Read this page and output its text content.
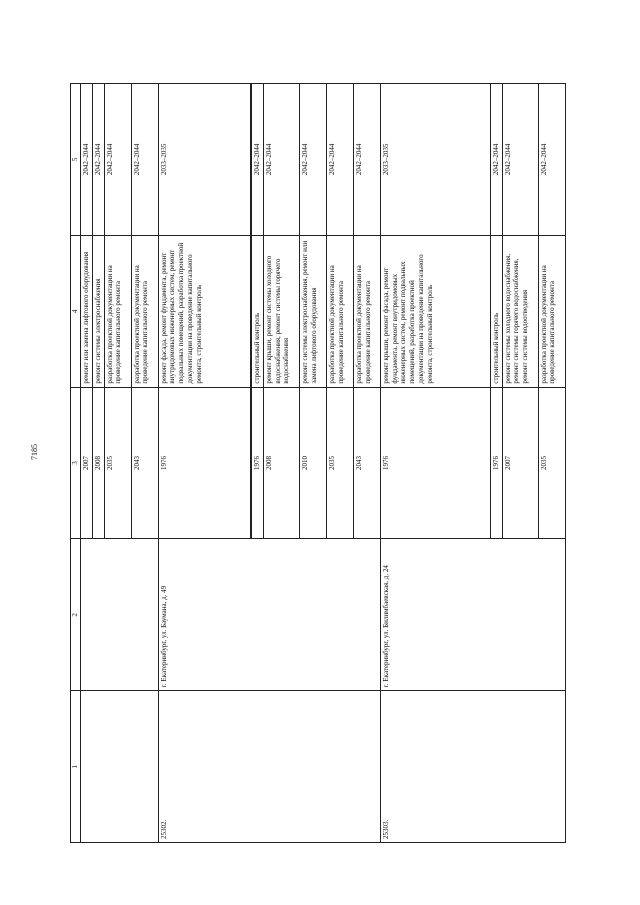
7185
1	2	3	4	5
		2007	ремонт или замена лифтового оборудования	2042–2044
		2008	ремонт системы электроснабжения	2042–2044
		2035	разработка проектной документации на проведение капитального ремонта	2042–2044
		2043	разработка проектной документации на проведение капитального ремонта	2042–2044
25302.	г. Екатеринбург, ул. Баумана, д. 49	1976	ремонт фасада, ремонт фундамента, ремонт внутридомовых инженерных систем, ремонт подвальных помещений, разработка проектной документации на проведение капитального ремонта, строительный контроль	2033–2035
		1976	строительный контроль	2042–2044
		2008	ремонт крыши, ремонт системы холодного водоснабжения, ремонт системы горячего водоснабжения	2042–2044
		2010	ремонт системы электроснабжения, ремонт или замена лифтового оборудования	2042–2044
		2035	разработка проектной документации на проведение капитального ремонта	2042–2044
		2043	разработка проектной документации на проведение капитального ремонта	2042–2044
25303.	г. Екатеринбург, ул. Билимбаевская, д. 24	1976	ремонт крыши, ремонт фасада, ремонт фундамента, ремонт внутридомовых инженерных систем, ремонт подвальных помещений, разработка проектной документации на проведение капитального ремонта, строительный контроль	2033–2035
		1976	строительный контроль	2042–2044
		2007	ремонт системы холодного водоснабжения, ремонт системы горячего водоснабжения, ремонт системы водоотведения	2042–2044
		2035	разработка проектной документации на проведение капитального ремонта	2042–2044
